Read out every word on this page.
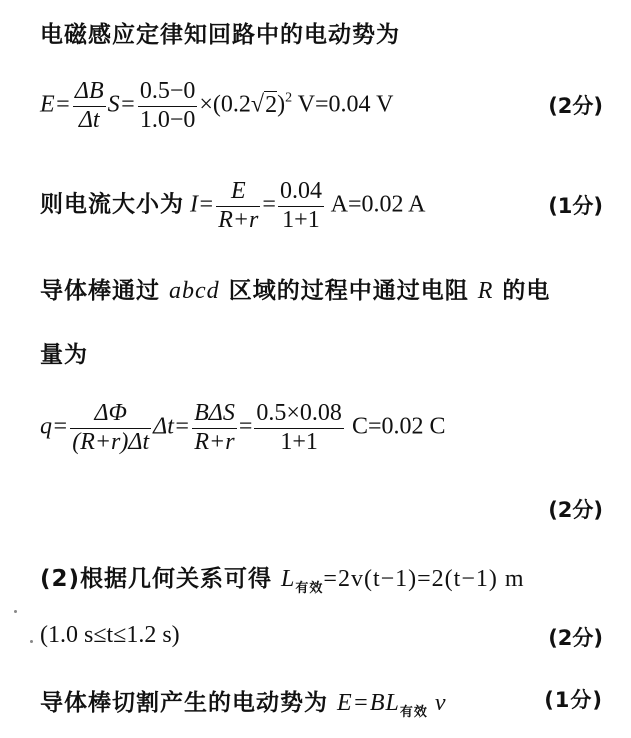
电磁感应定律知回路中的电动势为
$E= \frac{\Delta B}{\Delta t} S= \frac{0.5-0}{1.0-0} \times(0.2√2)^2$ V=0.04 V	(2分)
则电流大小为 $I= \frac{E}{R+r} = \frac{0.04}{1+1} A=0.02$ A	(1分)
导体棒通过 abcd 区域的过程中通过电阻 R 的电
量为
$q= \frac{\Delta\Phi}{(R+r)\Delta t} \Delta t= \frac{\text{BΔS}}{R+r} = \frac{0.5\times 0.08}{1+1} C=0.02$ C
(2分)
(2)根据几何关系可得 $L_{有效}=2v(t-1)=2(t-1)$ m
(1.0 s≤t≤1.2 s)	(2分)
导体棒切割产生的电动势为 $E=BL_{有效}$ v	(1分)
